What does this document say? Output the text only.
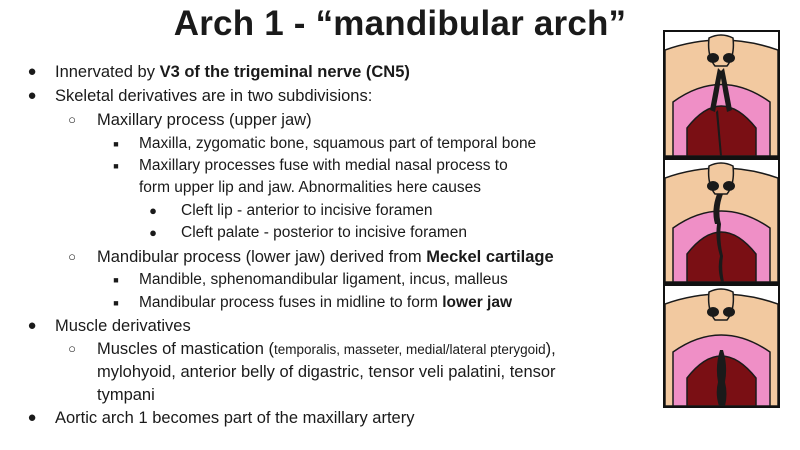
Arch 1 - “mandibular arch”
● Innervated by V3 of the trigeminal nerve (CN5)
● Skeletal derivatives are in two subdivisions:
○ Maxillary process (upper jaw)
■	Maxilla, zygomatic bone, squamous part of temporal bone
■	Maxillary processes fuse with medial nasal process to
form upper lip and jaw. Abnormalities here causes
● Cleft lip - anterior to incisive foramen
● Cleft palate - posterior to incisive foramen
○ Mandibular process (lower jaw) derived from Meckel cartilage
■	Mandible, sphenomandibular ligament, incus, malleus
■	Mandibular process fuses in midline to form lower jaw
● Muscle derivatives
○ Muscles of mastication (temporalis, masseter, medial/lateral pterygoid),
mylohyoid, anterior belly of digastric, tensor veli palatini, tensor
tympani
● Aortic arch 1 becomes part of the maxillary artery
